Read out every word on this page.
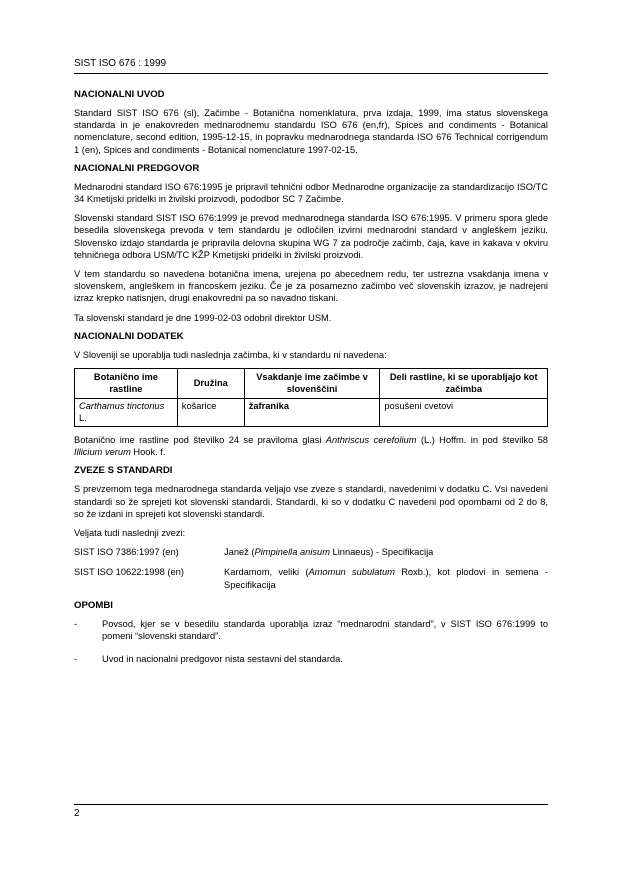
SIST ISO 676 : 1999
NACIONALNI UVOD

Standard SIST ISO 676 (sl), Začimbe - Botanična nomenklatura, prva izdaja, 1999, ima status slovenskega standarda in je enakovreden mednarodnemu standardu ISO 676 (en,fr), Spices and condiments - Botanical nomenclature, second edition, 1995-12-15, in popravku mednarodnega standarda ISO 676 Technical corrigendum 1 (en), Spices and condiments - Botanical nomenclature 1997-02-15.

NACIONALNI PREDGOVOR

Mednarodni standard ISO 676:1995 je pripravil tehnični odbor Mednarodne organizacije za standardizacijo ISO/TC 34 Kmetijski pridelki in živilski proizvodi, pododbor SC 7 Začimbe.

Slovenski standard SIST ISO 676:1999 je prevod mednarodnega standarda ISO 676:1995. V primeru spora glede besedila slovenskega prevoda v tem standardu je odločilen izvirni mednarodni standard v angleškem jeziku. Slovensko izdajo standarda je pripravila delovna skupina WG 7 za področje začimb, čaja, kave in kakava v okviru tehničnega odbora USM/TC KŽP Kmetijski pridelki in živilski proizvodi.

V tem standardu so navedena botanična imena, urejena po abecednem redu, ter ustrezna vsakdanja imena v slovenskem, angleškem in francoskem jeziku. Če je za posamezno začimbo več slovenskih izrazov, je nadrejeni izraz krepko natisnjen, drugi enakovredni pa so navadno tiskani.

Ta slovenski standard je dne 1999-02-03 odobril direktor USM.

NACIONALNI DODATEK

V Sloveniji se uporablja tudi naslednja začimba, ki v standardu ni navedena:

Botanično ime rastline	Družina	Vsakdanje ime začimbe v slovenščini	Deli rastline, ki se uporabljajo kot začimba
Carthamus tinctorius L.	košarice	žafranika	posušeni cvetovi

Botanično ime rastline pod številko 24 se praviloma glasi Anthriscus cerefolium (L.) Hoffm. in pod številko 58 Illicium verum Hook. f.

ZVEZE S STANDARDI

S prevzemom tega mednarodnega standarda veljajo vse zveze s standardi, navedenimi v dodatku C. Vsi navedeni standardi so že sprejeti kot slovenski standardi. Standardi, ki so v dodatku C navedeni pod opombami od 2 do 8, so že izdani in sprejeti kot slovenski standardi.

Veljata tudi naslednji zvezi:

SIST ISO 7386:1997 (en)	Janež (Pimpinella anisum Linnaeus) - Specifikacija
SIST ISO 10622:1998 (en)	Kardamom, veliki (Amomun subulatum Roxb.), kot plodovi in semena - Specifikacija
OPOMBI
-	Povsod, kjer se v besedilu standarda uporablja izraz “mednarodni standard”, v SIST ISO 676:1999 to pomeni “slovenski standard”.
-	Uvod in nacionalni predgovor nista sestavni del standarda.
2
